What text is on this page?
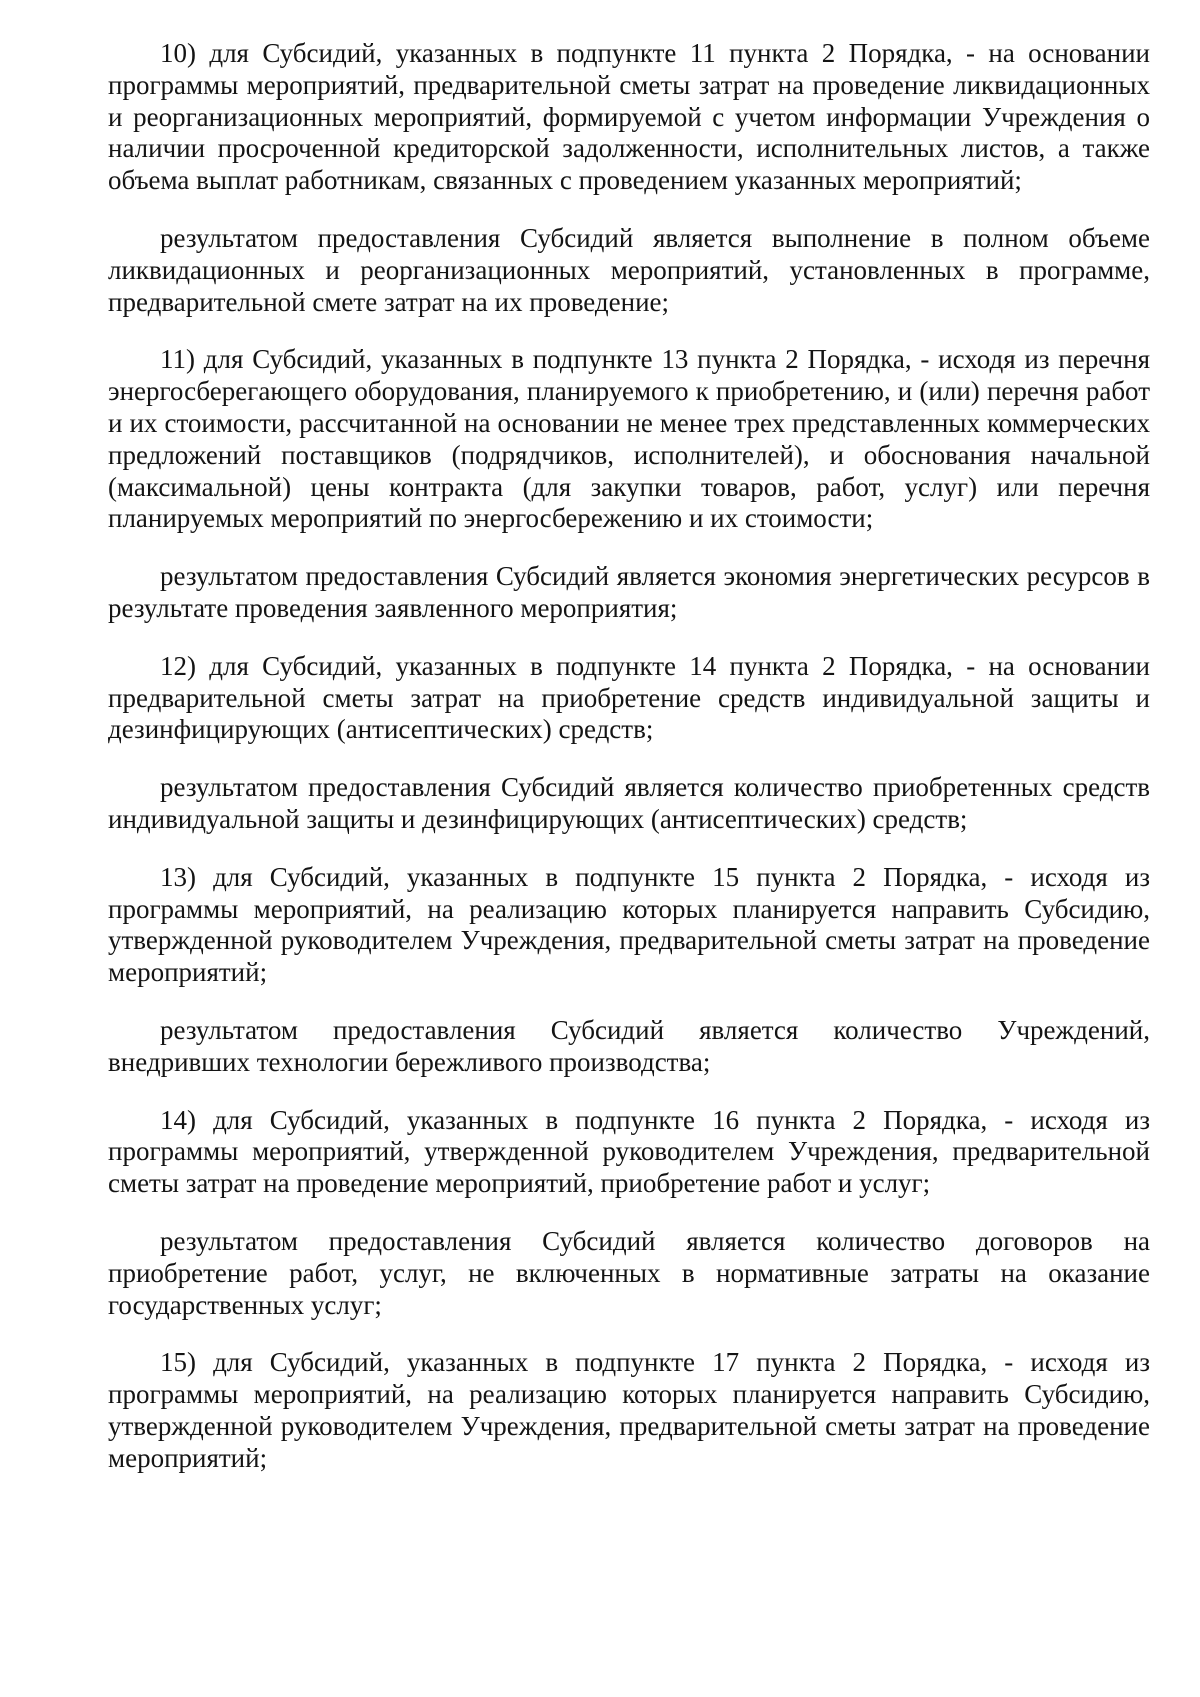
10) для Субсидий, указанных в подпункте 11 пункта 2 Порядка, - на основании программы мероприятий, предварительной сметы затрат на проведение ликвидационных и реорганизационных мероприятий, формируемой с учетом информации Учреждения о наличии просроченной кредиторской задолженности, исполнительных листов, а также объема выплат работникам, связанных с проведением указанных мероприятий;

результатом предоставления Субсидий является выполнение в полном объеме ликвидационных и реорганизационных мероприятий, установленных в программе, предварительной смете затрат на их проведение;

11) для Субсидий, указанных в подпункте 13 пункта 2 Порядка, - исходя из перечня энергосберегающего оборудования, планируемого к приобретению, и (или) перечня работ и их стоимости, рассчитанной на основании не менее трех представленных коммерческих предложений поставщиков (подрядчиков, исполнителей), и обоснования начальной (максимальной) цены контракта (для закупки товаров, работ, услуг) или перечня планируемых мероприятий по энергосбережению и их стоимости;

результатом предоставления Субсидий является экономия энергетических ресурсов в результате проведения заявленного мероприятия;

12) для Субсидий, указанных в подпункте 14 пункта 2 Порядка, - на основании предварительной сметы затрат на приобретение средств индивидуальной защиты и дезинфицирующих (антисептических) средств;

результатом предоставления Субсидий является количество приобретенных средств индивидуальной защиты и дезинфицирующих (антисептических) средств;

13) для Субсидий, указанных в подпункте 15 пункта 2 Порядка, - исходя из программы мероприятий, на реализацию которых планируется направить Субсидию, утвержденной руководителем Учреждения, предварительной сметы затрат на проведение мероприятий;

результатом предоставления Субсидий является количество Учреждений, внедривших технологии бережливого производства;

14) для Субсидий, указанных в подпункте 16 пункта 2 Порядка, - исходя из программы мероприятий, утвержденной руководителем Учреждения, предварительной сметы затрат на проведение мероприятий, приобретение работ и услуг;

результатом предоставления Субсидий является количество договоров на приобретение работ, услуг, не включенных в нормативные затраты на оказание государственных услуг;

15) для Субсидий, указанных в подпункте 17 пункта 2 Порядка, - исходя из программы мероприятий, на реализацию которых планируется направить Субсидию, утвержденной руководителем Учреждения, предварительной сметы затрат на проведение мероприятий;
